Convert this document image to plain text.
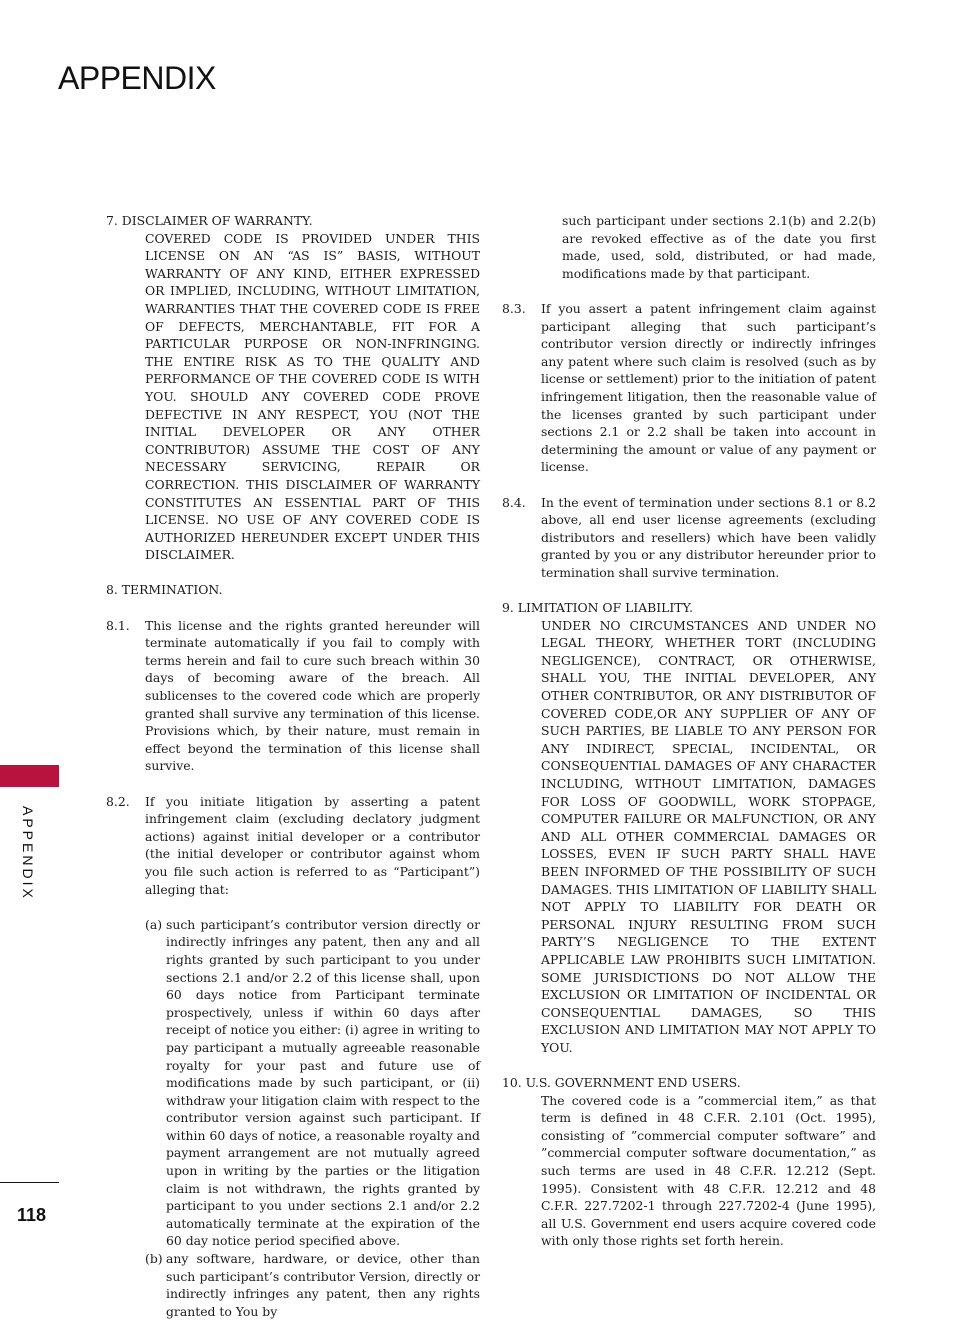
APPENDIX
APPENDIX

7. DISCLAIMER OF WARRANTY.

COVERED CODE IS PROVIDED UNDER THIS LICENSE ON AN “AS IS” BASIS, WITHOUT WARRANTY OF ANY KIND, EITHER EXPRESSED OR IMPLIED, INCLUDING, WITHOUT LIMITATION, WARRANTIES THAT THE COVERED CODE IS FREE OF DEFECTS, MERCHANTABLE, FIT FOR A PARTICULAR PURPOSE OR NON-INFRINGING. THE ENTIRE RISK AS TO THE QUALITY AND PERFORMANCE OF THE COVERED CODE IS WITH YOU. SHOULD ANY COVERED CODE PROVE DEFECTIVE IN ANY RESPECT, YOU (NOT THE INITIAL DEVELOPER OR ANY OTHER CONTRIBUTOR) ASSUME THE COST OF ANY NECESSARY SERVICING, REPAIR OR CORRECTION. THIS DISCLAIMER OF WARRANTY CONSTITUTES AN ESSENTIAL PART OF THIS LICENSE. NO USE OF ANY COVERED CODE IS AUTHORIZED HEREUNDER EXCEPT UNDER THIS DISCLAIMER.

8. TERMINATION.

8.1.	This license and the rights granted hereunder will terminate automatically if you fail to comply with terms herein and fail to cure such breach within 30 days of becoming aware of the breach. All sublicenses to the covered code which are properly granted shall survive any termination of this license. Provisions which, by their nature, must remain in effect beyond the termination of this license shall survive.
8.2.	If you initiate litigation by asserting a patent infringement claim (excluding declatory judgment actions) against initial developer or a contributor (the initial developer or contributor against whom you file such action is referred to as “Participant”) alleging that:
(a) such participant’s contributor version directly or indirectly infringes any patent, then any and all rights granted by such participant to you under sections 2.1 and/or 2.2 of this license shall, upon 60 days notice from Participant terminate prospectively, unless if within 60 days after receipt of notice you either: (i) agree in writing to pay participant a mutually agreeable reasonable royalty for your past and future use of modifications made by such participant, or (ii) withdraw your litigation claim with respect to the contributor version against such participant. If within 60 days of notice, a reasonable royalty and payment arrangement are not mutually agreed upon in writing by the parties or the litigation claim is not withdrawn, the rights granted by participant to you under sections 2.1 and/or 2.2 automatically terminate at the expiration of the 60 day notice period specified above.
(b) any software, hardware, or device, other than such participant’s contributor Version, directly or indirectly infringes any patent, then any rights granted to You by

such participant under sections 2.1(b) and 2.2(b) are revoked effective as of the date you first made, used, sold, distributed, or had made, modifications made by that participant.

8.3.	If you assert a patent infringement claim against participant alleging that such participant’s contributor version directly or indirectly infringes any patent where such claim is resolved (such as by license or settlement) prior to the initiation of patent infringement litigation, then the reasonable value of the licenses granted by such participant under sections 2.1 or 2.2 shall be taken into account in determining the amount or value of any payment or license.
8.4.	In the event of termination under sections 8.1 or 8.2 above, all end user license agreements (excluding distributors and resellers) which have been validly granted by you or any distributor hereunder prior to termination shall survive termination.

9. LIMITATION OF LIABILITY.

UNDER NO CIRCUMSTANCES AND UNDER NO LEGAL THEORY, WHETHER TORT (INCLUDING NEGLIGENCE), CONTRACT, OR OTHERWISE, SHALL YOU, THE INITIAL DEVELOPER, ANY OTHER CONTRIBUTOR, OR ANY DISTRIBUTOR OF COVERED CODE,OR ANY SUPPLIER OF ANY OF SUCH PARTIES, BE LIABLE TO ANY PERSON FOR ANY INDIRECT, SPECIAL, INCIDENTAL, OR CONSEQUENTIAL DAMAGES OF ANY CHARACTER INCLUDING, WITHOUT LIMITATION, DAMAGES FOR LOSS OF GOODWILL, WORK STOPPAGE, COMPUTER FAILURE OR MALFUNCTION, OR ANY AND ALL OTHER COMMERCIAL DAMAGES OR LOSSES, EVEN IF SUCH PARTY SHALL HAVE BEEN INFORMED OF THE POSSIBILITY OF SUCH DAMAGES. THIS LIMITATION OF LIABILITY SHALL NOT APPLY TO LIABILITY FOR DEATH OR PERSONAL INJURY RESULTING FROM SUCH PARTY’S NEGLIGENCE TO THE EXTENT APPLICABLE LAW PROHIBITS SUCH LIMITATION. SOME JURISDICTIONS DO NOT ALLOW THE EXCLUSION OR LIMITATION OF INCIDENTAL OR CONSEQUENTIAL DAMAGES, SO THIS EXCLUSION AND LIMITATION MAY NOT APPLY TO YOU.

10. U.S. GOVERNMENT END USERS.

The covered code is a ”commercial item,” as that term is defined in 48 C.F.R. 2.101 (Oct. 1995), consisting of ”commercial computer software” and ”commercial computer software documentation,” as such terms are used in 48 C.F.R. 12.212 (Sept. 1995). Consistent with 48 C.F.R. 12.212 and 48 C.F.R. 227.7202-1 through 227.7202-4 (June 1995), all U.S. Government end users acquire covered code with only those rights set forth herein.

118
